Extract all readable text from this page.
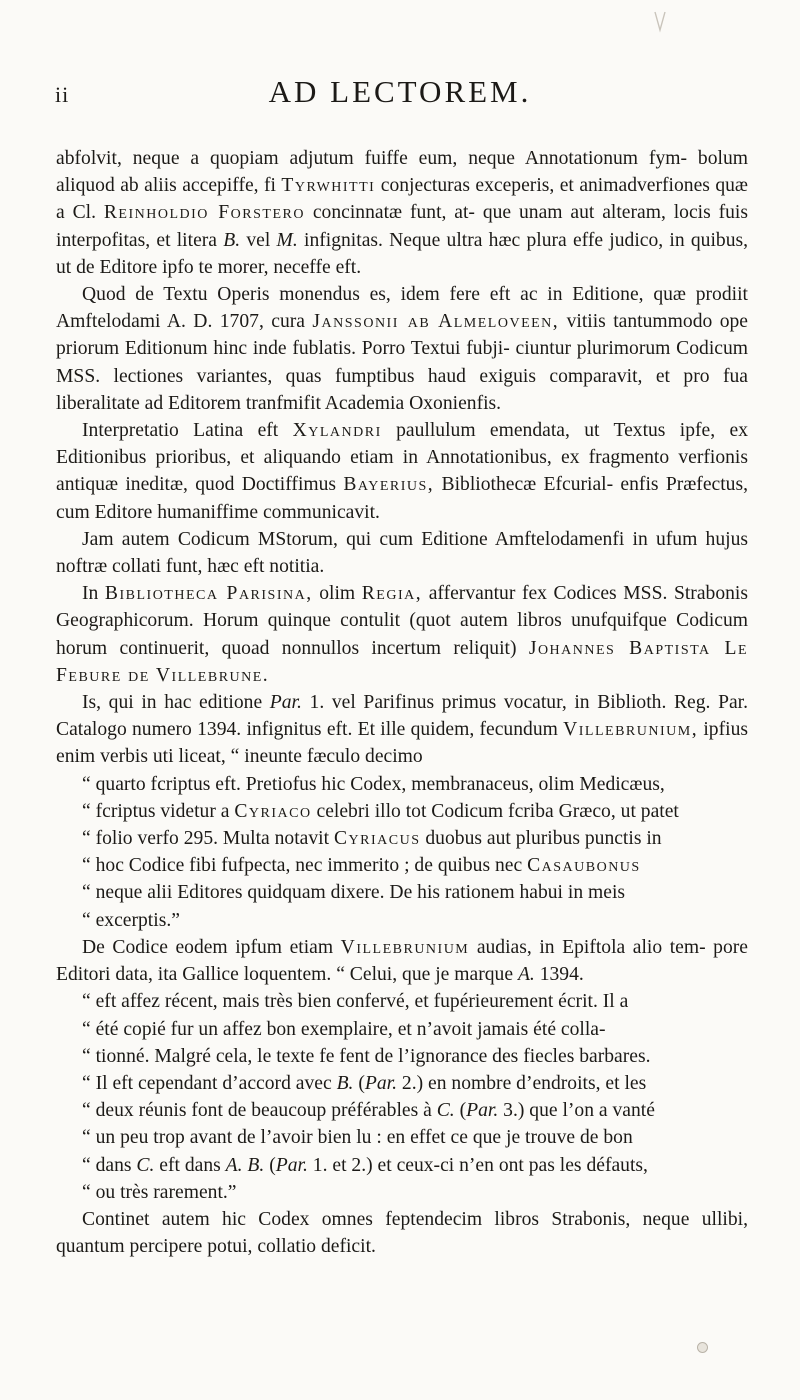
ii	AD LECTOREM.

abfolvit, neque a quopiam adjutum fuiffe eum, neque Annotationum fym- bolum aliquod ab aliis accepiffe, fi Tyrwhitti conjecturas exceperis, et animadverfiones quæ a Cl. Reinholdio Forstero concinnatæ funt, at- que unam aut alteram, locis fuis interpofitas, et litera B. vel M. infignitas. Neque ultra hæc plura effe judico, in quibus, ut de Editore ipfo te morer, neceffe eft.

Quod de Textu Operis monendus es, idem fere eft ac in Editione, quæ prodiit Amftelodami A. D. 1707, cura Janssonii ab Almeloveen, vitiis tantummodo ope priorum Editionum hinc inde fublatis. Porro Textui fubji- ciuntur plurimorum Codicum MSS. lectiones variantes, quas fumptibus haud exiguis comparavit, et pro fua liberalitate ad Editorem tranfmifit Academia Oxonienfis.

Interpretatio Latina eft Xylandri paullulum emendata, ut Textus ipfe, ex Editionibus prioribus, et aliquando etiam in Annotationibus, ex fragmento verfionis antiquæ ineditæ, quod Doctiffimus Bayerius, Bibliothecæ Efcurial- enfis Præfectus, cum Editore humaniffime communicavit.

Jam autem Codicum MStorum, qui cum Editione Amftelodamenfi in ufum hujus noftræ collati funt, hæc eft notitia.

In Bibliotheca Parisina, olim Regia, affervantur fex Codices MSS. Strabonis Geographicorum. Horum quinque contulit (quot autem libros unufquifque Codicum horum continuerit, quoad nonnullos incertum reliquit) Johannes Baptista Le Febure de Villebrune.

Is, qui in hac editione Par. 1. vel Parifinus primus vocatur, in Biblioth. Reg. Par. Catalogo numero 1394. infignitus eft. Et ille quidem, fecundum Villebrunium, ipfius enim verbis uti liceat, “ ineunte fæculo decimo
“ quarto fcriptus eft. Pretiofus hic Codex, membranaceus, olim Medicæus,
“ fcriptus videtur a Cyriaco celebri illo tot Codicum fcriba Græco, ut patet
“ folio verfo 295. Multa notavit Cyriacus duobus aut pluribus punctis in
“ hoc Codice fibi fufpecta, nec immerito ; de quibus nec Casaubonus
“ neque alii Editores quidquam dixere. De his rationem habui in meis
“ excerptis.”

De Codice eodem ipfum etiam Villebrunium audias, in Epiftola alio tem- pore Editori data, ita Gallice loquentem. “ Celui, que je marque A. 1394.
“ eft affez récent, mais très bien confervé, et fupérieurement écrit. Il a
“ été copié fur un affez bon exemplaire, et n’avoit jamais été colla-
“ tionné. Malgré cela, le texte fe fent de l’ignorance des fiecles barbares.
“ Il eft cependant d’accord avec B. (Par. 2.) en nombre d’endroits, et les
“ deux réunis font de beaucoup préférables à C. (Par. 3.) que l’on a vanté
“ un peu trop avant de l’avoir bien lu : en effet ce que je trouve de bon
“ dans C. eft dans A. B. (Par. 1. et 2.) et ceux-ci n’en ont pas les défauts,
“ ou très rarement.”

Continet autem hic Codex omnes feptendecim libros Strabonis, neque ullibi, quantum percipere potui, collatio deficit.
